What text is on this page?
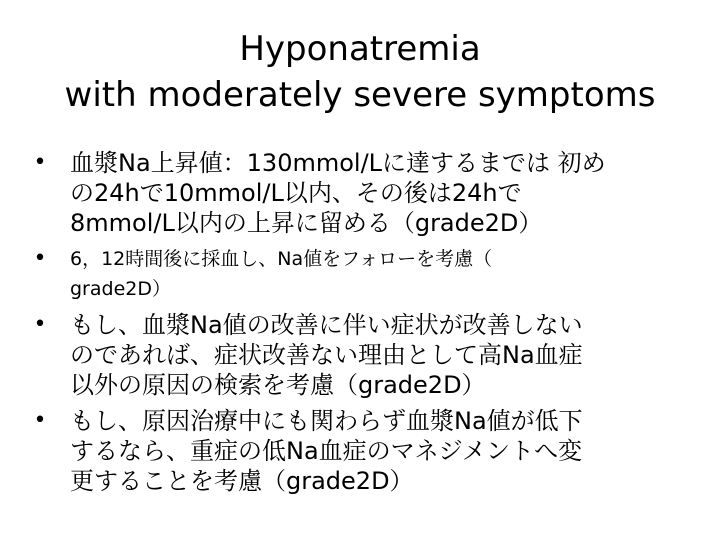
Hyponatremia
with moderately severe symptoms
• 血漿Na上昇値：130mmol/Lに達するまでは 初め
の24hで10mmol/L以内、その後は24hで
8mmol/L以内の上昇に留める（grade2D）
• 6，12時間後に採血し、Na値をフォローを考慮（
grade2D）
• もし、血漿Na値の改善に伴い症状が改善しない
のであれば、症状改善ない理由として高Na血症
以外の原因の検索を考慮（grade2D）
• もし、原因治療中にも関わらず血漿Na値が低下
するなら、重症の低Na血症のマネジメントへ変
更することを考慮（grade2D）
